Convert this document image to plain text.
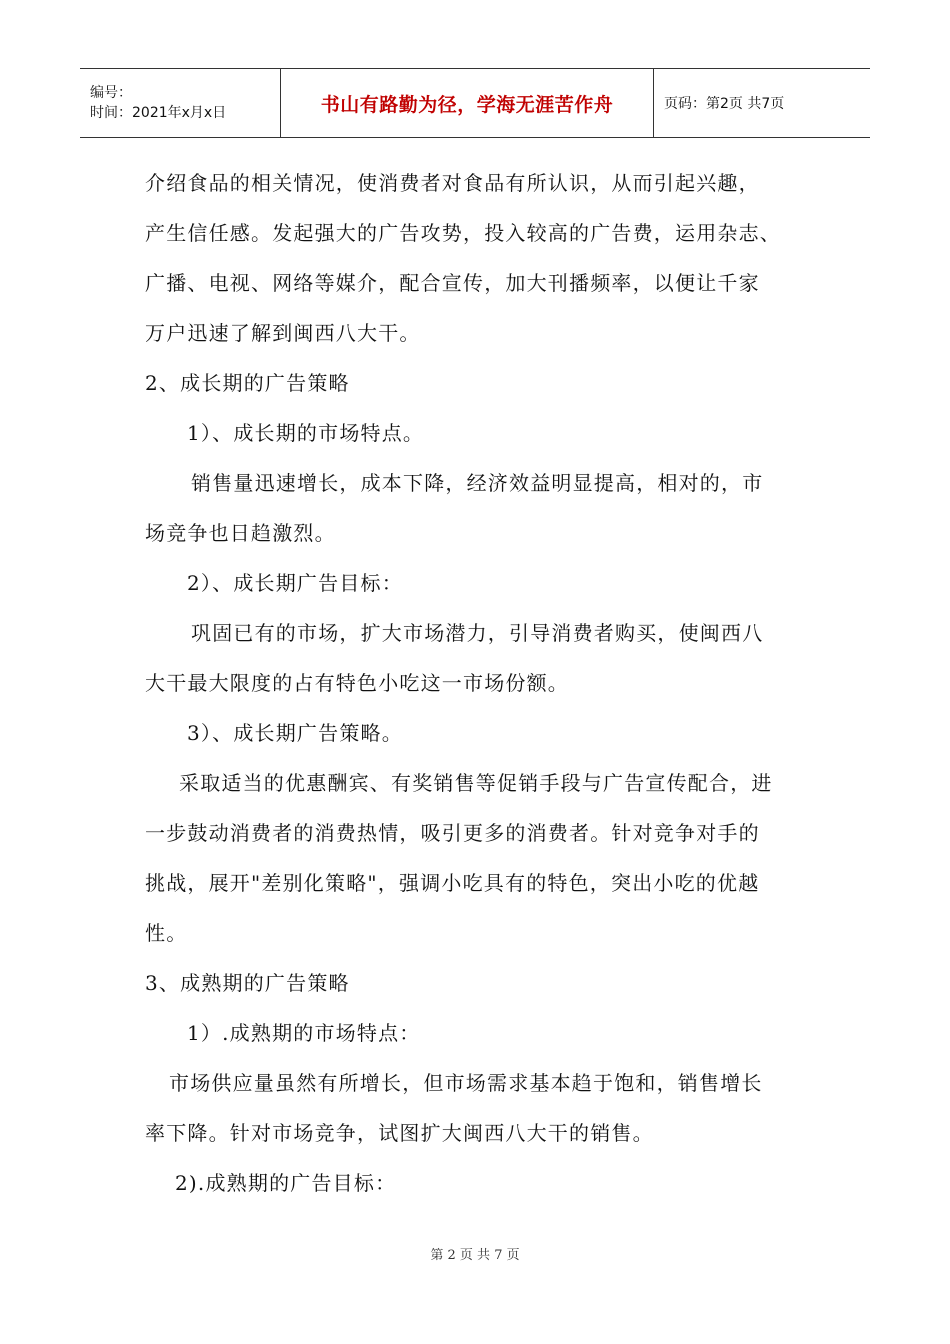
编号：
时间：2021年x月x日	书山有路勤为径，学海无涯苦作舟	页码：第2页 共7页
介绍食品的相关情况，使消费者对食品有所认识，从而引起兴趣，
产生信任感。发起强大的广告攻势，投入较高的广告费，运用杂志、
广播、电视、网络等媒介，配合宣传，加大刊播频率，以便让千家
万户迅速了解到闽西八大干。
2、成长期的广告策略
1）、成长期的市场特点。
销售量迅速增长，成本下降，经济效益明显提高，相对的，市
场竞争也日趋激烈。
2）、成长期广告目标：
巩固已有的市场，扩大市场潜力，引导消费者购买，使闽西八
大干最大限度的占有特色小吃这一市场份额。
3）、成长期广告策略。
采取适当的优惠酬宾、有奖销售等促销手段与广告宣传配合，进
一步鼓动消费者的消费热情，吸引更多的消费者。针对竞争对手的
挑战，展开"差别化策略"，强调小吃具有的特色，突出小吃的优越
性。
3、成熟期的广告策略
1）.成熟期的市场特点：
市场供应量虽然有所增长，但市场需求基本趋于饱和，销售增长
率下降。针对市场竞争，试图扩大闽西八大干的销售。
2).成熟期的广告目标：
第 2 页 共 7 页
